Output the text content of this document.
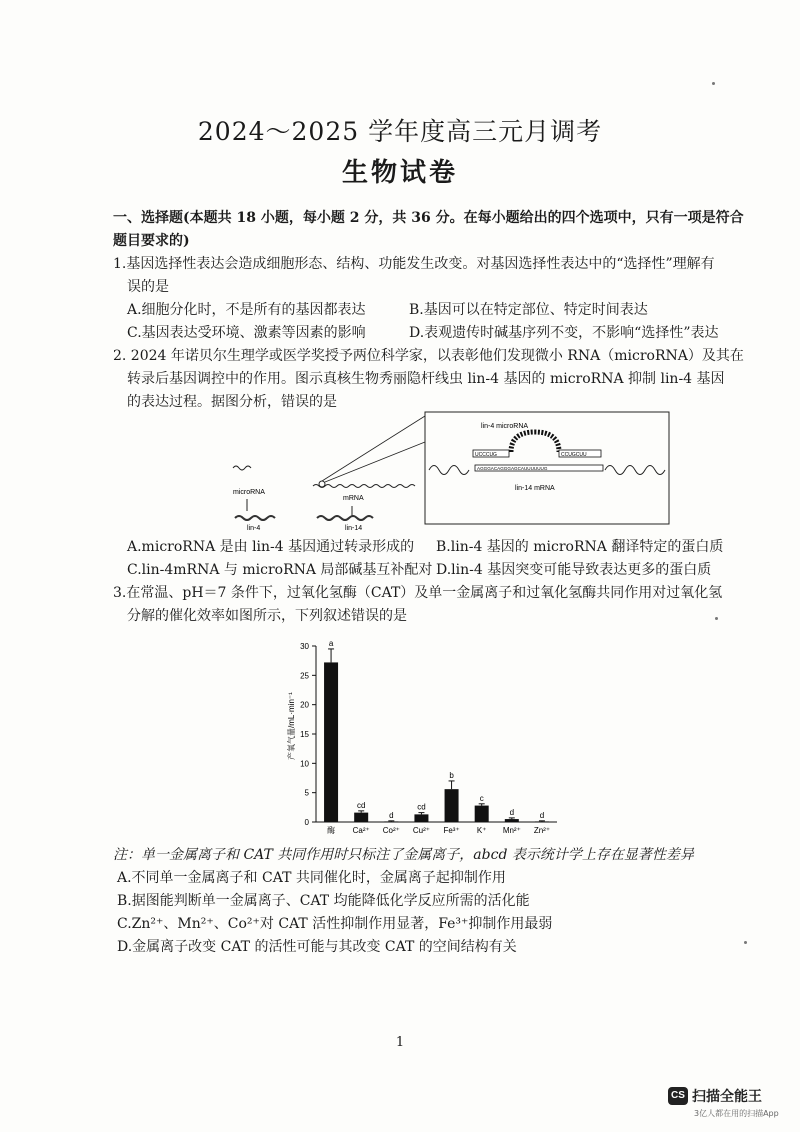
2024～2025 学年度高三元月调考
生物试卷
一、选择题(本题共 18 小题，每小题 2 分，共 36 分。在每小题给出的四个选项中，只有一项是符合
题目要求的)
1.基因选择性表达会造成细胞形态、结构、功能发生改变。对基因选择性表达中的“选择性”理解有
误的是
A.细胞分化时，不是所有的基因都表达	B.基因可以在特定部位、特定时间表达
C.基因表达受环境、激素等因素的影响	D.表观遗传时碱基序列不变，不影响“选择性”表达
2. 2024 年诺贝尔生理学或医学奖授予两位科学家，以表彰他们发现微小 RNA（microRNA）及其在
转录后基因调控中的作用。图示真核生物秀丽隐杆线虫 lin-4 基因的 microRNA 抑制 lin-4 基因
的表达过程。据图分析，错误的是
microRNA
lin-4
mRNA
lin-14
lin-4 microRNA
UCCCUG	CCUGCUU
AGGGACAGGGAGCAUUUUUUG
lin-14 mRNA
A.microRNA 是由 lin-4 基因通过转录形成的 B.lin-4 基因的 microRNA 翻译特定的蛋白质
C.lin-4mRNA 与 microRNA 局部碱基互补配对 D.lin-4 基因突变可能导致表达更多的蛋白质
3.在常温、pH＝7 条件下，过氧化氢酶（CAT）及单一金属离子和过氧化氢酶共同作用对过氧化氢
分解的催化效率如图所示，下列叙述错误的是
产氧气量/mL·min⁻¹
0
5
10
15
20
25
30 a
酶
cd
Ca²⁺
d
Co²⁺
cd
Cu²⁺
b
Fe³⁺
c
K⁺
d
Mn²⁺
d
Zn²⁺
注：单一金属离子和 CAT 共同作用时只标注了金属离子，abcd 表示统计学上存在显著性差异
A.不同单一金属离子和 CAT 共同催化时，金属离子起抑制作用
B.据图能判断单一金属离子、CAT 均能降低化学反应所需的活化能
C.Zn²⁺、Mn²⁺、Co²⁺对 CAT 活性抑制作用显著，Fe³⁺抑制作用最弱
D.金属离子改变 CAT 的活性可能与其改变 CAT 的空间结构有关
1
CS 扫描全能王
3亿人都在用的扫描App
